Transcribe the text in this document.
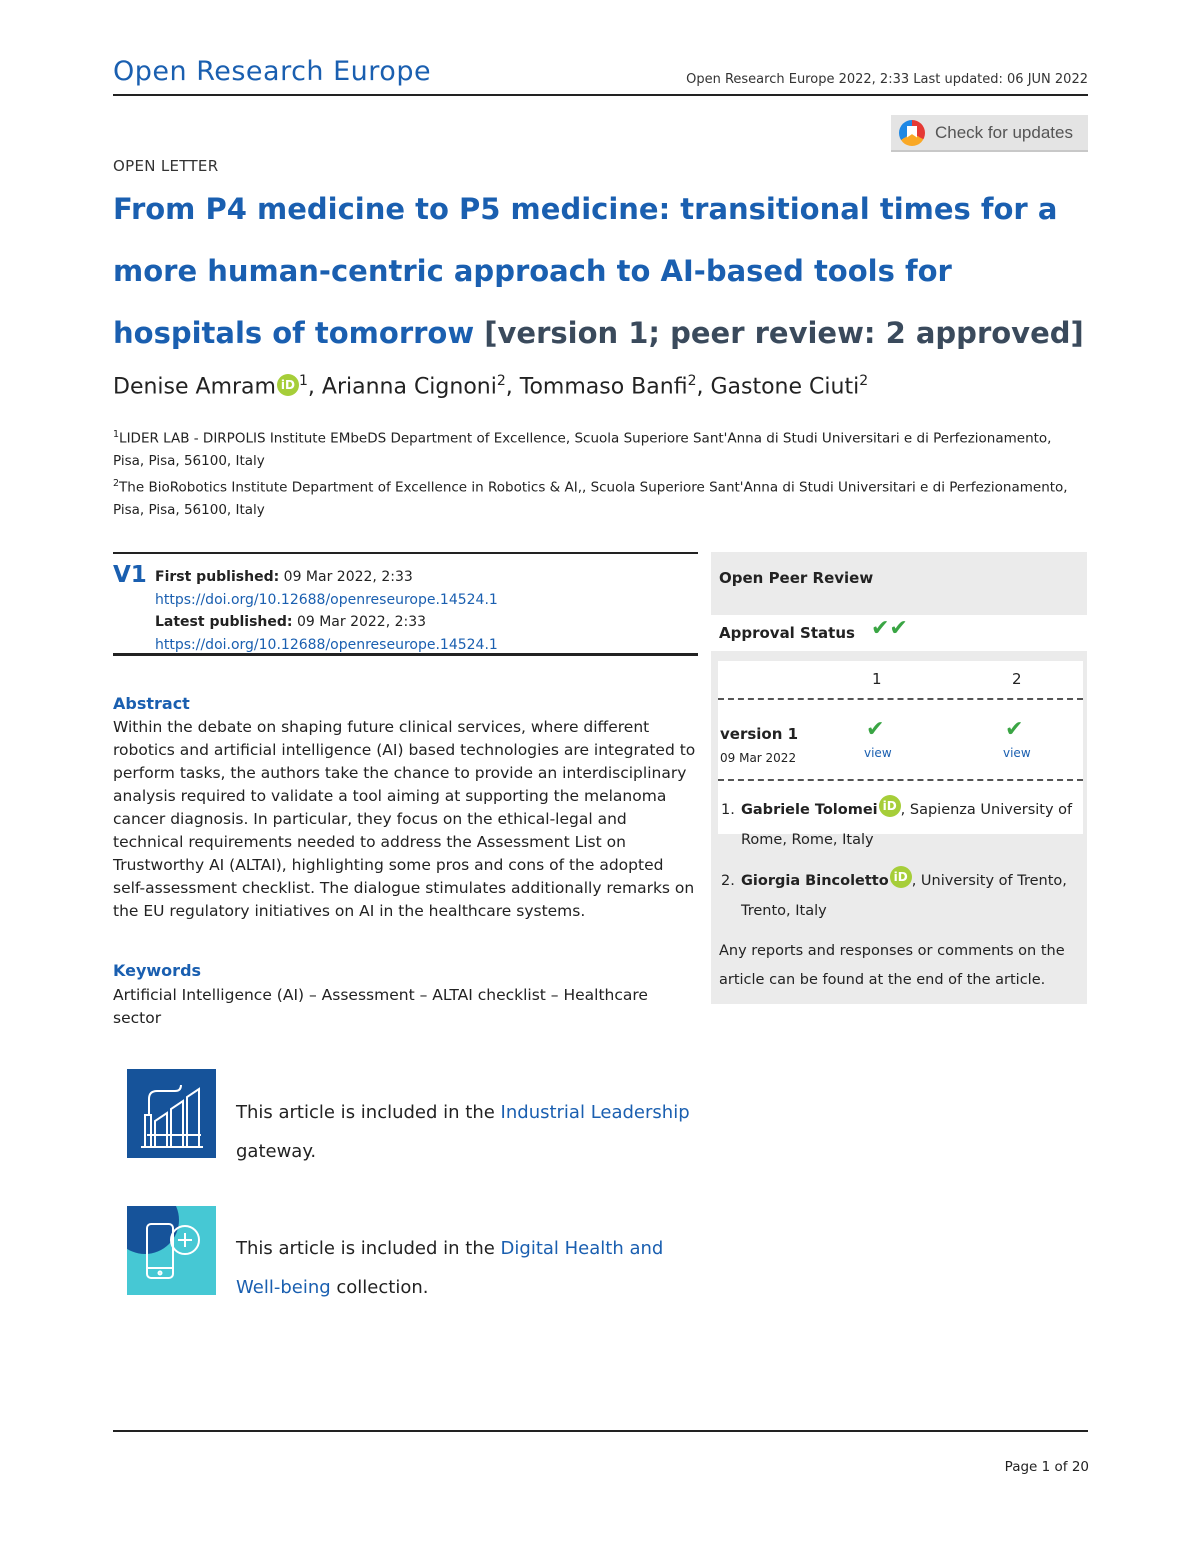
Open Research Europe	Open Research Europe 2022, 2:33 Last updated: 06 JUN 2022
Check for updates
OPEN LETTER
From P4 medicine to P5 medicine: transitional times for a more human-centric approach to AI-based tools for hospitals of tomorrow [version 1; peer review: 2 approved]
Denise Amram iD $^1$, Arianna Cignoni$^2$, Tommaso Banfi$^2$, Gastone Ciuti$^2$
$^1$LIDER LAB - DIRPOLIS Institute EMbeDS Department of Excellence, Scuola Superiore Sant'Anna di Studi Universitari e di Perfezionamento, Pisa, Pisa, 56100, Italy
$^2$The BioRobotics Institute Department of Excellence in Robotics & AI,, Scuola Superiore Sant'Anna di Studi Universitari e di Perfezionamento, Pisa, Pisa, 56100, Italy
V1 First published: 09 Mar 2022, 2:33
https://doi.org/10.12688/openreseurope.14524.1
Latest published: 09 Mar 2022, 2:33
https://doi.org/10.12688/openreseurope.14524.1
Abstract
Within the debate on shaping future clinical services, where different robotics and artificial intelligence (AI) based technologies are integrated to perform tasks, the authors take the chance to provide an interdisciplinary analysis required to validate a tool aiming at supporting the melanoma cancer diagnosis. In particular, they focus on the ethical-legal and technical requirements needed to address the Assessment List on Trustworthy AI (ALTAI), highlighting some pros and cons of the adopted self-assessment checklist. The dialogue stimulates additionally remarks on the EU regulatory initiatives on AI in the healthcare systems.
Keywords
Artificial Intelligence (AI) – Assessment – ALTAI checklist – Healthcare sector
This article is included in the Industrial Leadership gateway.
This article is included in the Digital Health and Well-being collection.
Open Peer Review
Approval Status ✔✔
1	2
version 1
09 Mar 2022
✔	✔
view	view
1. Gabriele Tolomei iD , Sapienza University of Rome, Rome, Italy
2. Giorgia Bincoletto iD , University of Trento, Trento, Italy
Any reports and responses or comments on the article can be found at the end of the article.
Page 1 of 20
